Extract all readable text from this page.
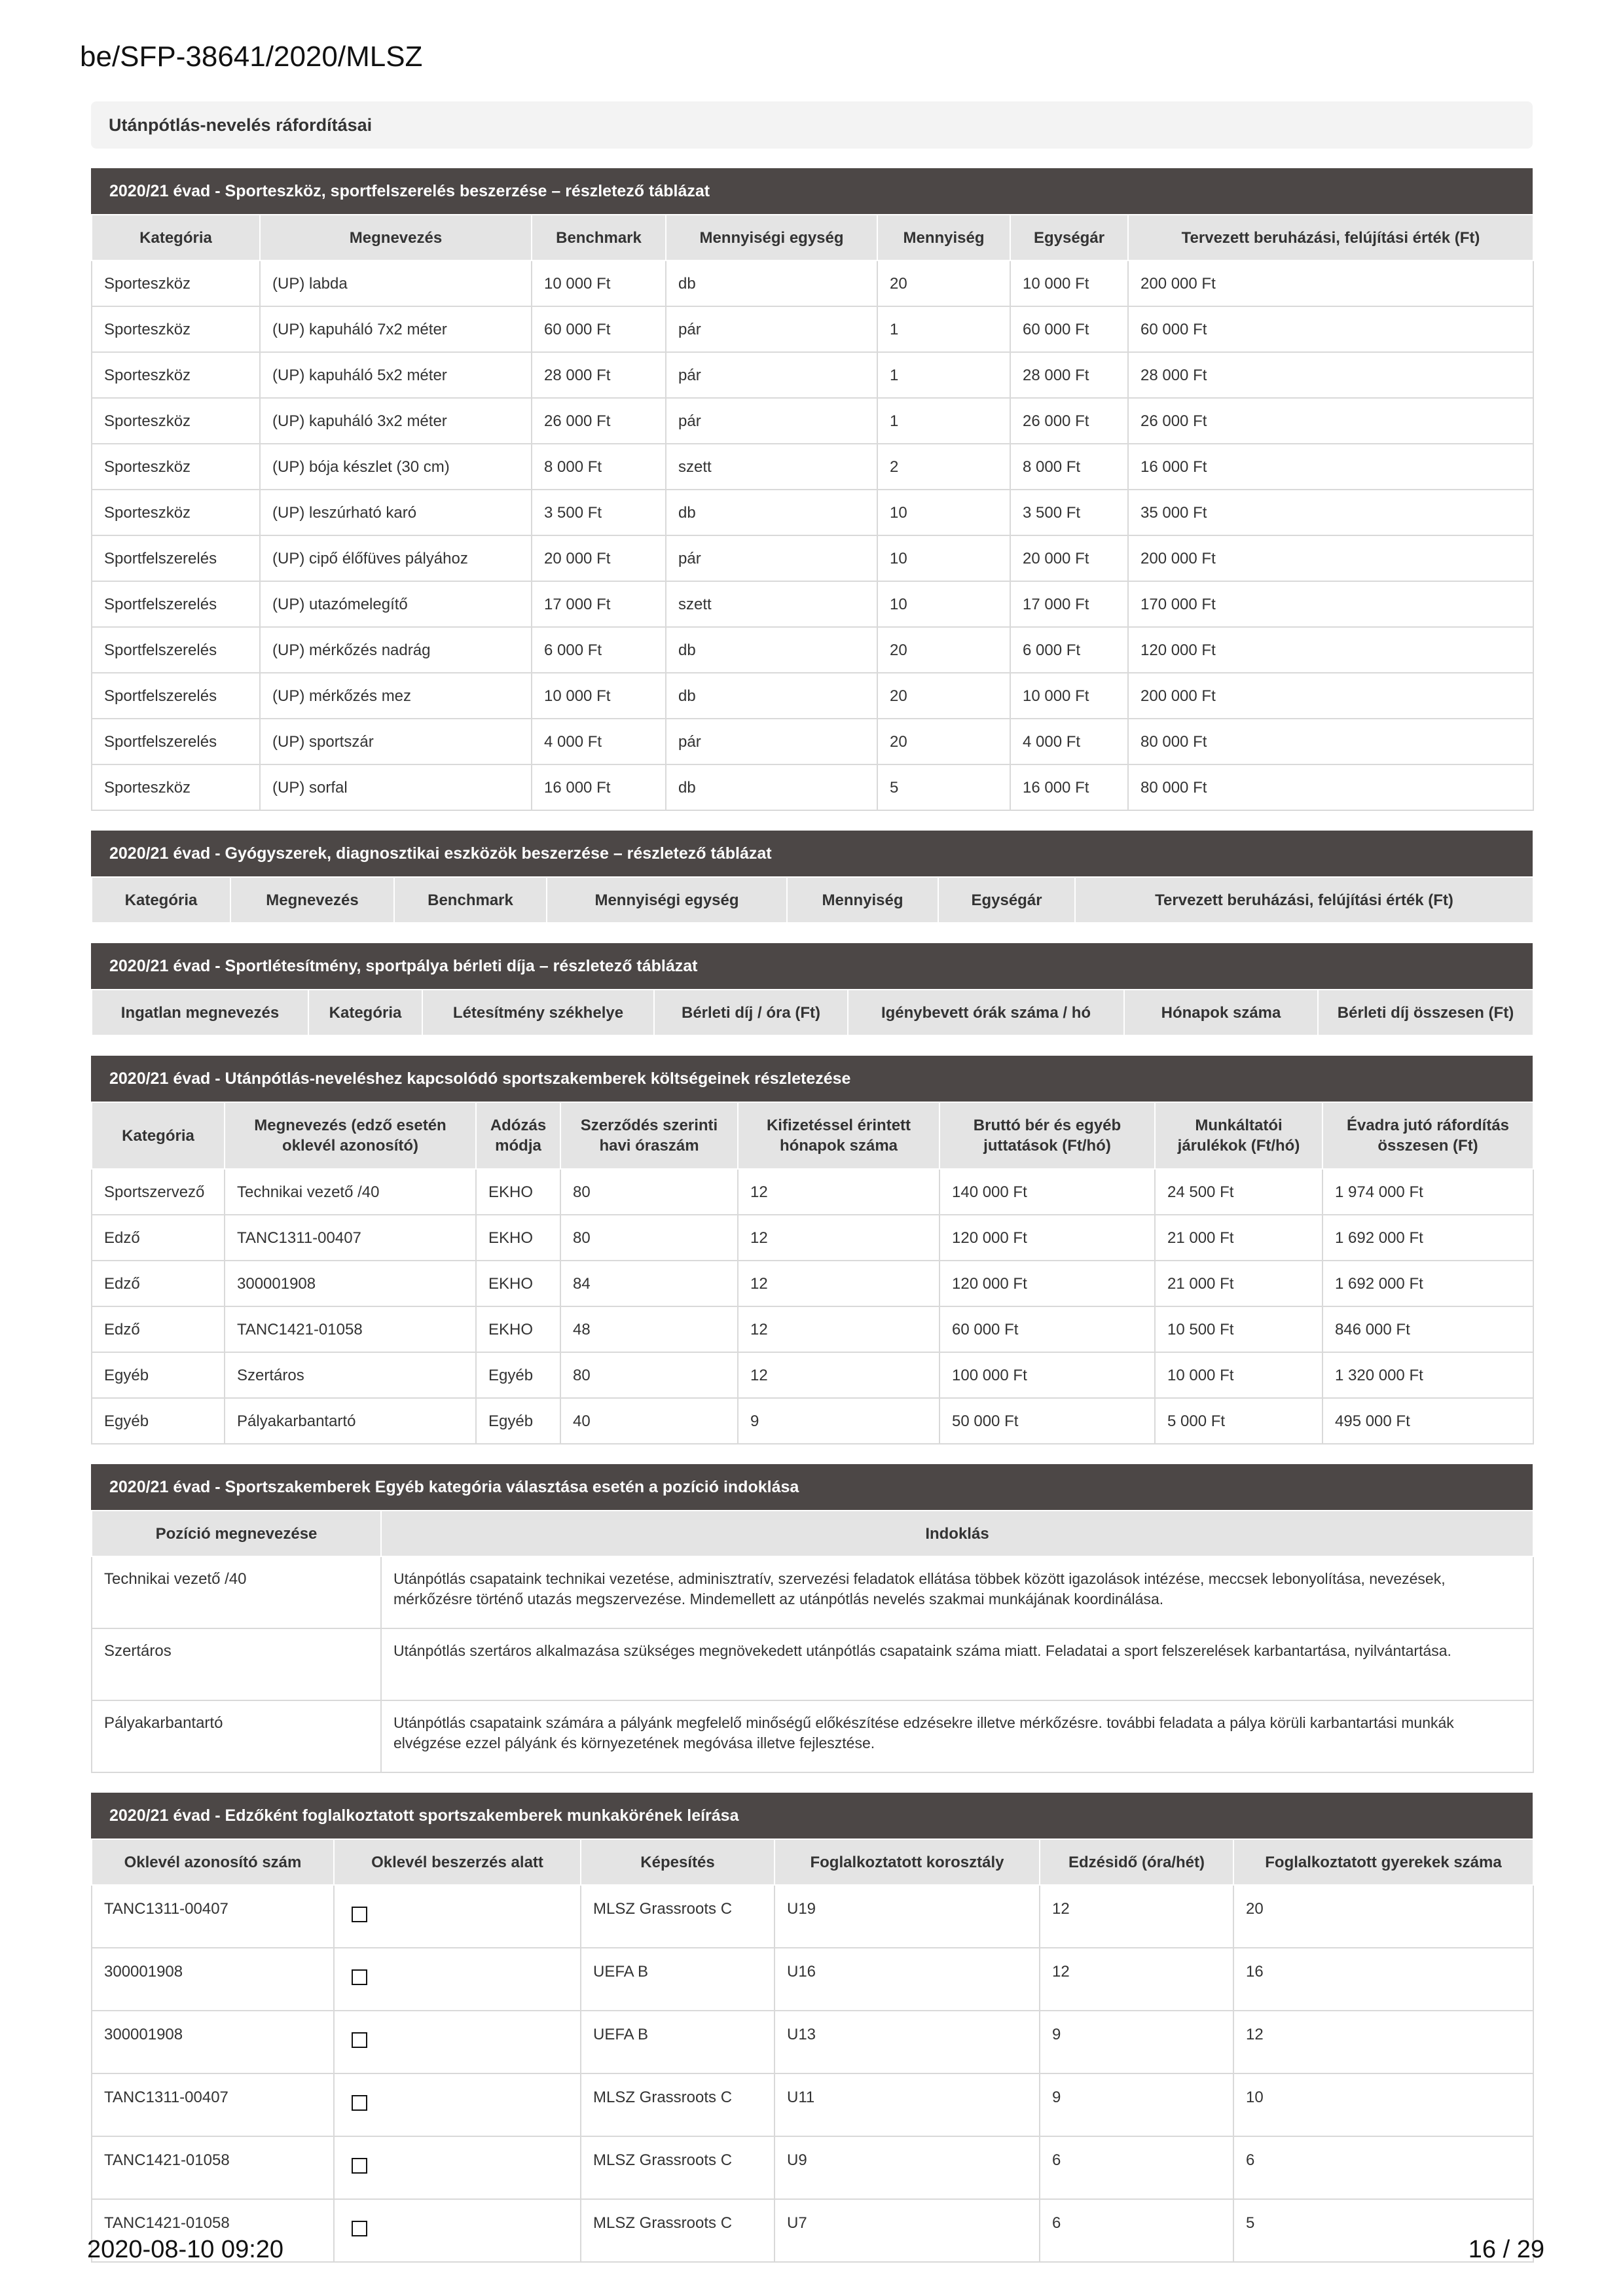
be/SFP-38641/2020/MLSZ
Utánpótlás-nevelés ráfordításai
2020/21 évad - Sporteszköz, sportfelszerelés beszerzése – részletező táblázat
Kategória	Megnevezés	Benchmark	Mennyiségi egység	Mennyiség	Egységár	Tervezett beruházási, felújítási érték (Ft)
Sporteszköz	(UP) labda	10 000 Ft	db	20	10 000 Ft	200 000 Ft
Sporteszköz	(UP) kapuháló 7x2 méter	60 000 Ft	pár	1	60 000 Ft	60 000 Ft
Sporteszköz	(UP) kapuháló 5x2 méter	28 000 Ft	pár	1	28 000 Ft	28 000 Ft
Sporteszköz	(UP) kapuháló 3x2 méter	26 000 Ft	pár	1	26 000 Ft	26 000 Ft
Sporteszköz	(UP) bója készlet (30 cm)	8 000 Ft	szett	2	8 000 Ft	16 000 Ft
Sporteszköz	(UP) leszúrható karó	3 500 Ft	db	10	3 500 Ft	35 000 Ft
Sportfelszerelés	(UP) cipő élőfüves pályához	20 000 Ft	pár	10	20 000 Ft	200 000 Ft
Sportfelszerelés	(UP) utazómelegítő	17 000 Ft	szett	10	17 000 Ft	170 000 Ft
Sportfelszerelés	(UP) mérkőzés nadrág	6 000 Ft	db	20	6 000 Ft	120 000 Ft
Sportfelszerelés	(UP) mérkőzés mez	10 000 Ft	db	20	10 000 Ft	200 000 Ft
Sportfelszerelés	(UP) sportszár	4 000 Ft	pár	20	4 000 Ft	80 000 Ft
Sporteszköz	(UP) sorfal	16 000 Ft	db	5	16 000 Ft	80 000 Ft
2020/21 évad - Gyógyszerek, diagnosztikai eszközök beszerzése – részletező táblázat
Kategória	Megnevezés	Benchmark	Mennyiségi egység	Mennyiség	Egységár	Tervezett beruházási, felújítási érték (Ft)
2020/21 évad - Sportlétesítmény, sportpálya bérleti díja – részletező táblázat
Ingatlan megnevezés	Kategória	Létesítmény székhelye	Bérleti díj / óra (Ft)	Igénybevett órák száma / hó	Hónapok száma	Bérleti díj összesen (Ft)
2020/21 évad - Utánpótlás-neveléshez kapcsolódó sportszakemberek költségeinek részletezése
Kategória	Megnevezés (edző esetén oklevél azonosító)	Adózás módja	Szerződés szerinti havi óraszám	Kifizetéssel érintett hónapok száma	Bruttó bér és egyéb juttatások (Ft/hó)	Munkáltatói járulékok (Ft/hó)	Évadra jutó ráfordítás összesen (Ft)
Sportszervező	Technikai vezető /40	EKHO	80	12	140 000 Ft	24 500 Ft	1 974 000 Ft
Edző	TANC1311-00407	EKHO	80	12	120 000 Ft	21 000 Ft	1 692 000 Ft
Edző	300001908	EKHO	84	12	120 000 Ft	21 000 Ft	1 692 000 Ft
Edző	TANC1421-01058	EKHO	48	12	60 000 Ft	10 500 Ft	846 000 Ft
Egyéb	Szertáros	Egyéb	80	12	100 000 Ft	10 000 Ft	1 320 000 Ft
Egyéb	Pályakarbantartó	Egyéb	40	9	50 000 Ft	5 000 Ft	495 000 Ft
2020/21 évad - Sportszakemberek Egyéb kategória választása esetén a pozíció indoklása
Pozíció megnevezése	Indoklás
Technikai vezető /40	Utánpótlás csapataink technikai vezetése, adminisztratív, szervezési feladatok ellátása többek között igazolások intézése, meccsek lebonyolítása, nevezések, mérkőzésre történő utazás megszervezése. Mindemellett az utánpótlás nevelés szakmai munkájának koordinálása.
Szertáros	Utánpótlás szertáros alkalmazása szükséges megnövekedett utánpótlás csapataink száma miatt. Feladatai a sport felszerelések karbantartása, nyilvántartása.
Pályakarbantartó	Utánpótlás csapataink számára a pályánk megfelelő minőségű előkészítése edzésekre illetve mérkőzésre. további feladata a pálya körüli karbantartási munkák elvégzése ezzel pályánk és környezetének megóvása illetve fejlesztése.
2020/21 évad - Edzőként foglalkoztatott sportszakemberek munkakörének leírása
Oklevél azonosító szám	Oklevél beszerzés alatt	Képesítés	Foglalkoztatott korosztály	Edzésidő (óra/hét)	Foglalkoztatott gyerekek száma
TANC1311-00407		MLSZ Grassroots C	U19	12	20
300001908		UEFA B	U16	12	16
300001908		UEFA B	U13	9	12
TANC1311-00407		MLSZ Grassroots C	U11	9	10
TANC1421-01058		MLSZ Grassroots C	U9	6	6
TANC1421-01058		MLSZ Grassroots C	U7	6	5
2020-08-10 09:20	16 / 29
